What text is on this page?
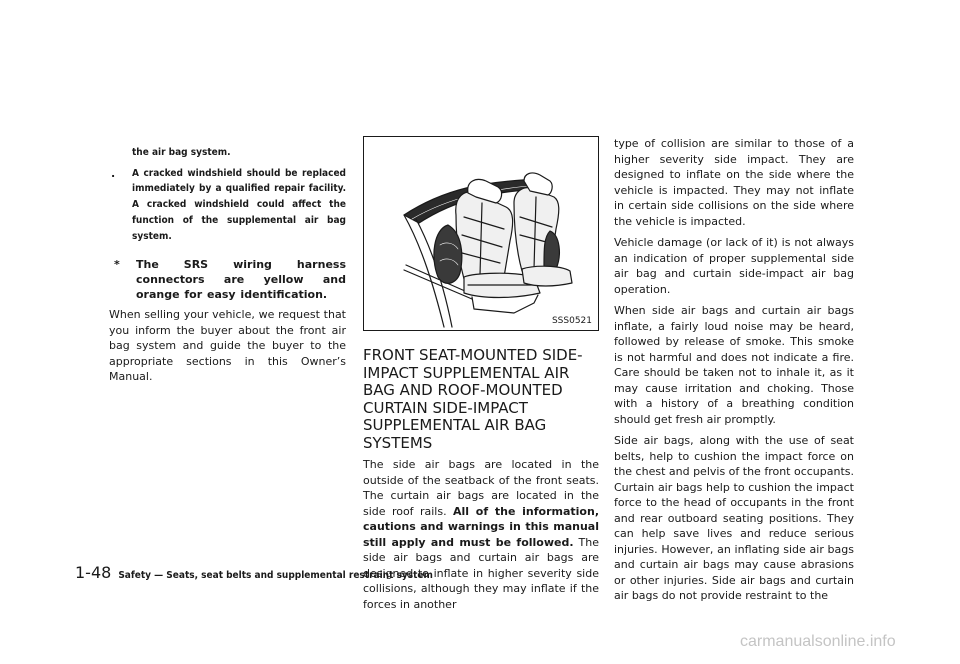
the air bag system.
.	A cracked windshield should be replaced immediately by a qualified repair facility. A cracked windshield could affect the function of the supplemental air bag system.
*	The SRS wiring harness connectors are yellow and orange for easy identification.

When selling your vehicle, we request that you inform the buyer about the front air bag system and guide the buyer to the appropriate sections in this Owner’s Manual.

SSS0521
FRONT SEAT-MOUNTED SIDE-IMPACT SUPPLEMENTAL AIR BAG AND ROOF-MOUNTED CURTAIN SIDE-IMPACT SUPPLEMENTAL AIR BAG SYSTEMS

The side air bags are located in the outside of the seatback of the front seats. The curtain air bags are located in the side roof rails. All of the information, cautions and warnings in this manual still apply and must be followed. The side air bags and curtain air bags are designed to inflate in higher severity side collisions, although they may inflate if the forces in another

type of collision are similar to those of a higher severity side impact. They are designed to inflate on the side where the vehicle is impacted. They may not inflate in certain side collisions on the side where the vehicle is impacted.

Vehicle damage (or lack of it) is not always an indication of proper supplemental side air bag and curtain side-impact air bag operation.

When side air bags and curtain air bags inflate, a fairly loud noise may be heard, followed by release of smoke. This smoke is not harmful and does not indicate a fire. Care should be taken not to inhale it, as it may cause irritation and choking. Those with a history of a breathing condition should get fresh air promptly.

Side air bags, along with the use of seat belts, help to cushion the impact force on the chest and pelvis of the front occupants. Curtain air bags help to cushion the impact force to the head of occupants in the front and rear outboard seating positions. They can help save lives and reduce serious injuries. However, an inflating side air bags and curtain air bags may cause abrasions or other injuries. Side air bags and curtain air bags do not provide restraint to the

1-48 Safety — Seats, seat belts and supplemental restraint system
carmanualsonline.info
